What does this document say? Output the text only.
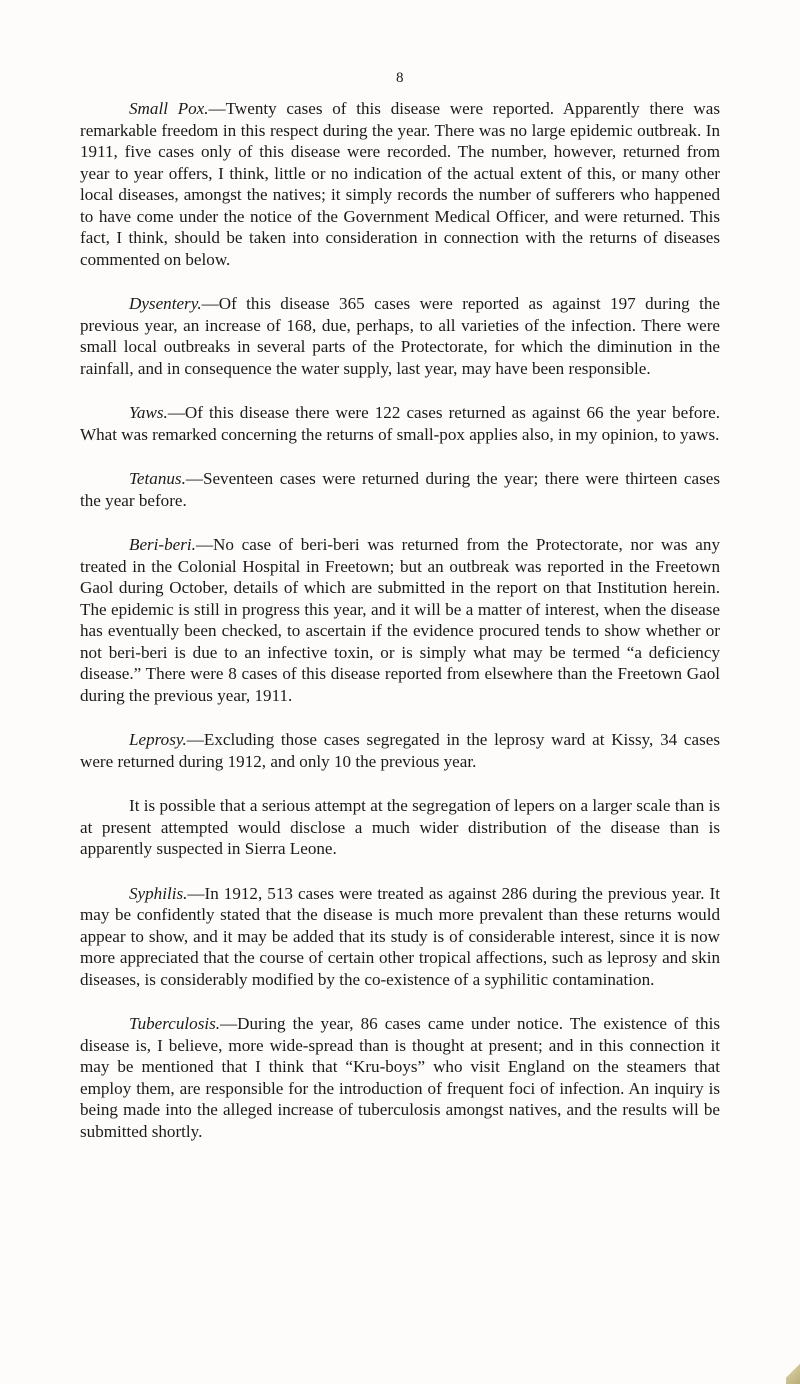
8

Small Pox.—Twenty cases of this disease were reported. Apparently there was remarkable freedom in this respect during the year. There was no large epidemic outbreak. In 1911, five cases only of this disease were recorded. The number, however, returned from year to year offers, I think, little or no indication of the actual extent of this, or many other local diseases, amongst the natives; it simply records the number of sufferers who happened to have come under the notice of the Government Medical Officer, and were returned. This fact, I think, should be taken into consideration in connection with the returns of diseases commented on below.

Dysentery.—Of this disease 365 cases were reported as against 197 during the previous year, an increase of 168, due, perhaps, to all varieties of the infection. There were small local outbreaks in several parts of the Protectorate, for which the diminution in the rainfall, and in consequence the water supply, last year, may have been responsible.

Yaws.—Of this disease there were 122 cases returned as against 66 the year before. What was remarked concerning the returns of small-pox applies also, in my opinion, to yaws.

Tetanus.—Seventeen cases were returned during the year; there were thirteen cases the year before.

Beri-beri.—No case of beri-beri was returned from the Protectorate, nor was any treated in the Colonial Hospital in Freetown; but an outbreak was reported in the Freetown Gaol during October, details of which are submitted in the report on that Institution herein. The epidemic is still in progress this year, and it will be a matter of interest, when the disease has eventually been checked, to ascertain if the evidence procured tends to show whether or not beri-beri is due to an infective toxin, or is simply what may be termed “a deficiency disease.” There were 8 cases of this disease reported from elsewhere than the Freetown Gaol during the previous year, 1911.

Leprosy.—Excluding those cases segregated in the leprosy ward at Kissy, 34 cases were returned during 1912, and only 10 the previous year.

It is possible that a serious attempt at the segregation of lepers on a larger scale than is at present attempted would disclose a much wider distribution of the disease than is apparently suspected in Sierra Leone.

Syphilis.—In 1912, 513 cases were treated as against 286 during the previous year. It may be confidently stated that the disease is much more prevalent than these returns would appear to show, and it may be added that its study is of considerable interest, since it is now more appreciated that the course of certain other tropical affections, such as leprosy and skin diseases, is considerably modified by the co-existence of a syphilitic contamination.

Tuberculosis.—During the year, 86 cases came under notice. The existence of this disease is, I believe, more wide-spread than is thought at present; and in this connection it may be mentioned that I think that “Kru-boys” who visit England on the steamers that employ them, are responsible for the introduction of frequent foci of infection. An inquiry is being made into the alleged increase of tuberculosis amongst natives, and the results will be submitted shortly.
